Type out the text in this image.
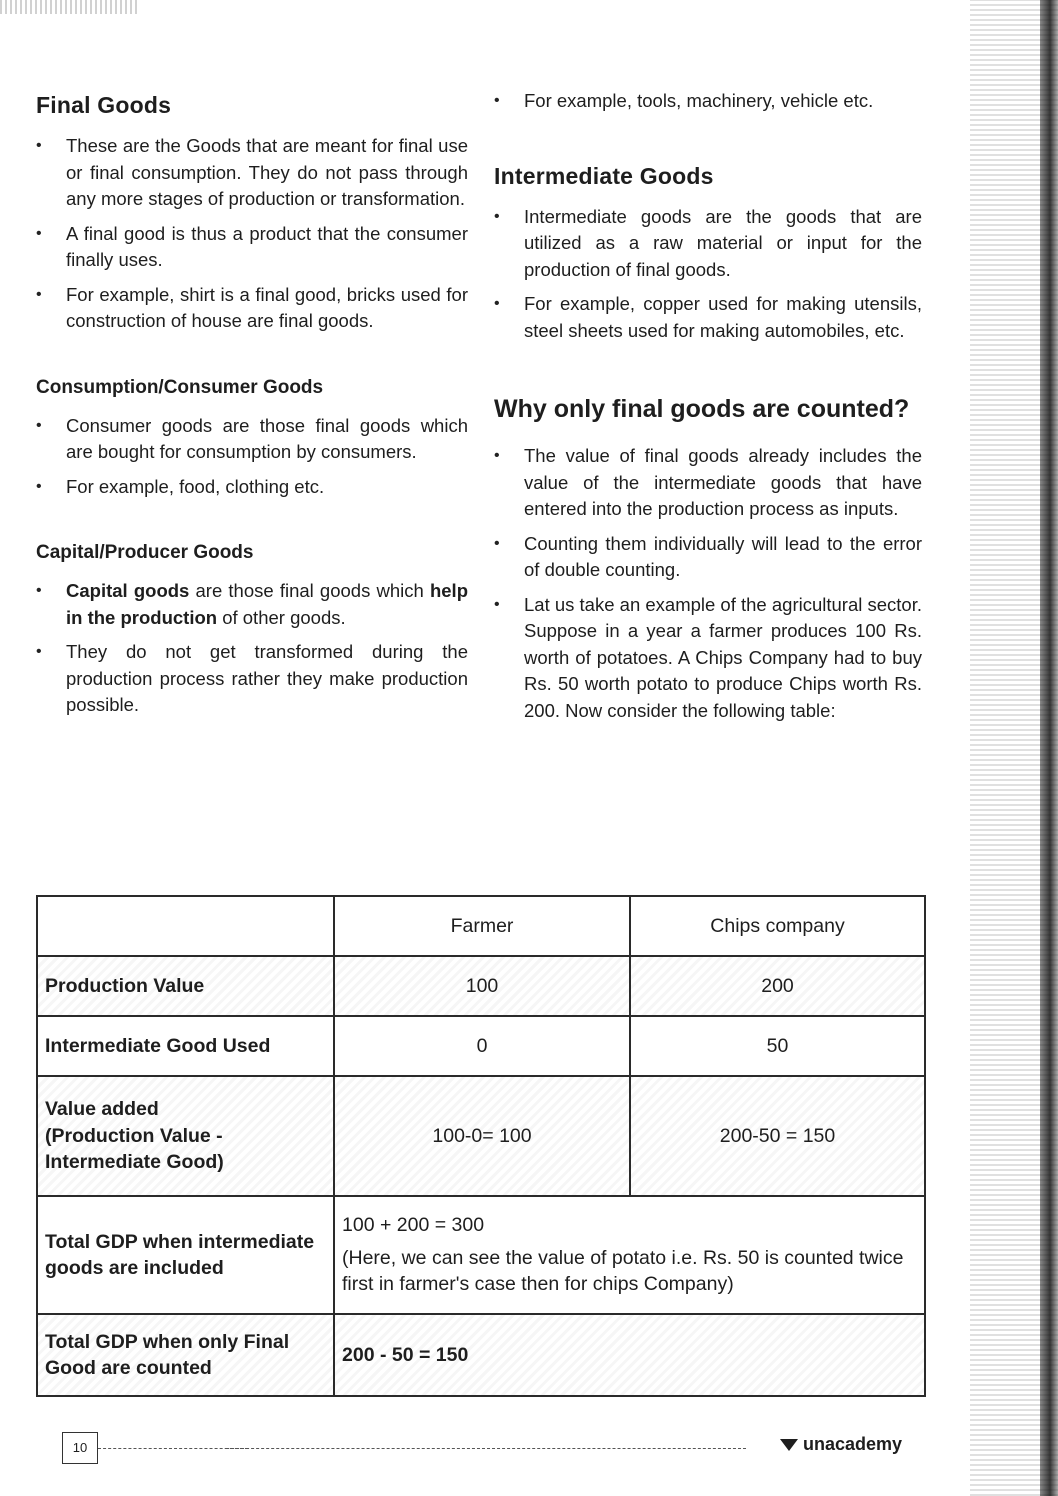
Final Goods
• These are the Goods that are meant for final use or final consumption. They do not pass through any more stages of production or transformation.
• A final good is thus a product that the consumer finally uses.
• For example, shirt is a final good, bricks used for construction of house are final goods.
Consumption/Consumer Goods
• Consumer goods are those final goods which are bought for consumption by consumers.
• For example, food, clothing etc.
Capital/Producer Goods
• Capital goods are those final goods which help in the production of other goods.
• They do not get transformed during the production process rather they make production possible.
• For example, tools, machinery, vehicle etc.
Intermediate Goods
• Intermediate goods are the goods that are utilized as a raw material or input for the production of final goods.
• For example, copper used for making utensils, steel sheets used for making automobiles, etc.
Why only final goods are counted?
• The value of final goods already includes the value of the intermediate goods that have entered into the production process as inputs.
• Counting them individually will lead to the error of double counting.
• Lat us take an example of the agricultural sector. Suppose in a year a farmer produces 100 Rs. worth of potatoes. A Chips Company had to buy Rs. 50 worth potato to produce Chips worth Rs. 200. Now consider the following table:
	Farmer	Chips company
Production Value	100	200
Intermediate Good Used	0	50
Value added
(Production Value - Intermediate Good)	100-0= 100	200-50 = 150
Total GDP when intermediate goods are included	100 + 200 = 300
(Here, we can see the value of potato i.e. Rs. 50 is counted twice first in farmer's case then for chips Company)	

Total GDP when only Final Good are counted	200 - 50 = 150	
10	unacademy
